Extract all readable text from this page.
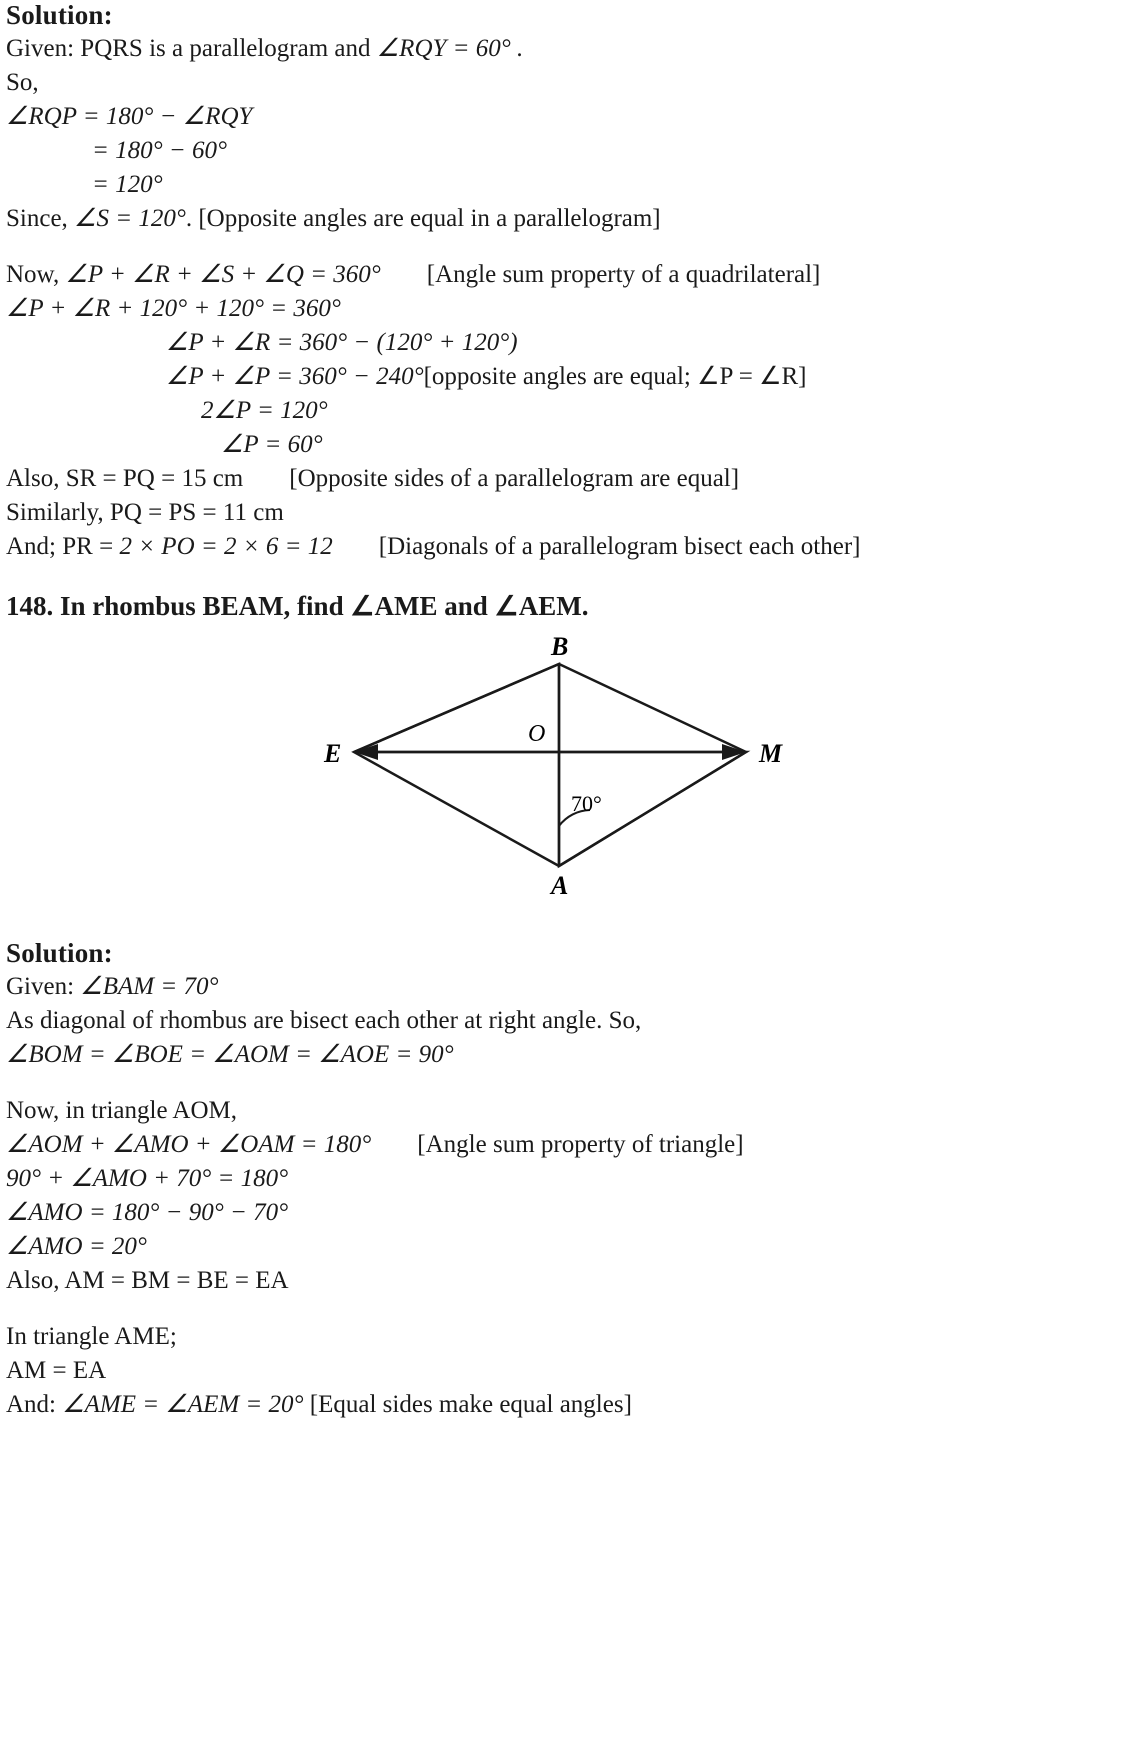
Solution:
Given: PQRS is a parallelogram and ∠RQY = 60° .
So,
∠RQP = 180° − ∠RQY
= 180° − 60°
= 120°
Since, ∠S = 120° . [Opposite angles are equal in a parallelogram]
Now, ∠P + ∠R + ∠S + ∠Q = 360° [Angle sum property of a quadrilateral]
∠P + ∠R + 120° + 120° = 360°
∠P + ∠R = 360° − (120° + 120°)
∠P + ∠P = 360° − 240° [opposite angles are equal; ∠P = ∠R]
2∠P = 120°
∠P = 60°
Also, SR = PQ = 15 cm [Opposite sides of a parallelogram are equal]
Similarly, PQ = PS = 11 cm
And; PR = 2 × PO = 2 × 6 = 12 [Diagonals of a parallelogram bisect each other]
148. In rhombus BEAM, find ∠AME and ∠AEM.
B
E	M
A
O
70°
Solution:
Given: ∠BAM = 70°
As diagonal of rhombus are bisect each other at right angle. So,
∠BOM = ∠BOE = ∠AOM = ∠AOE = 90°
Now, in triangle AOM,
∠AOM + ∠AMO + ∠OAM = 180° [Angle sum property of triangle]
90° + ∠AMO + 70° = 180°
∠AMO = 180° − 90° − 70°
∠AMO = 20°
Also, AM = BM = BE = EA
In triangle AME;
AM = EA
And: ∠AME = ∠AEM = 20° [Equal sides make equal angles]
